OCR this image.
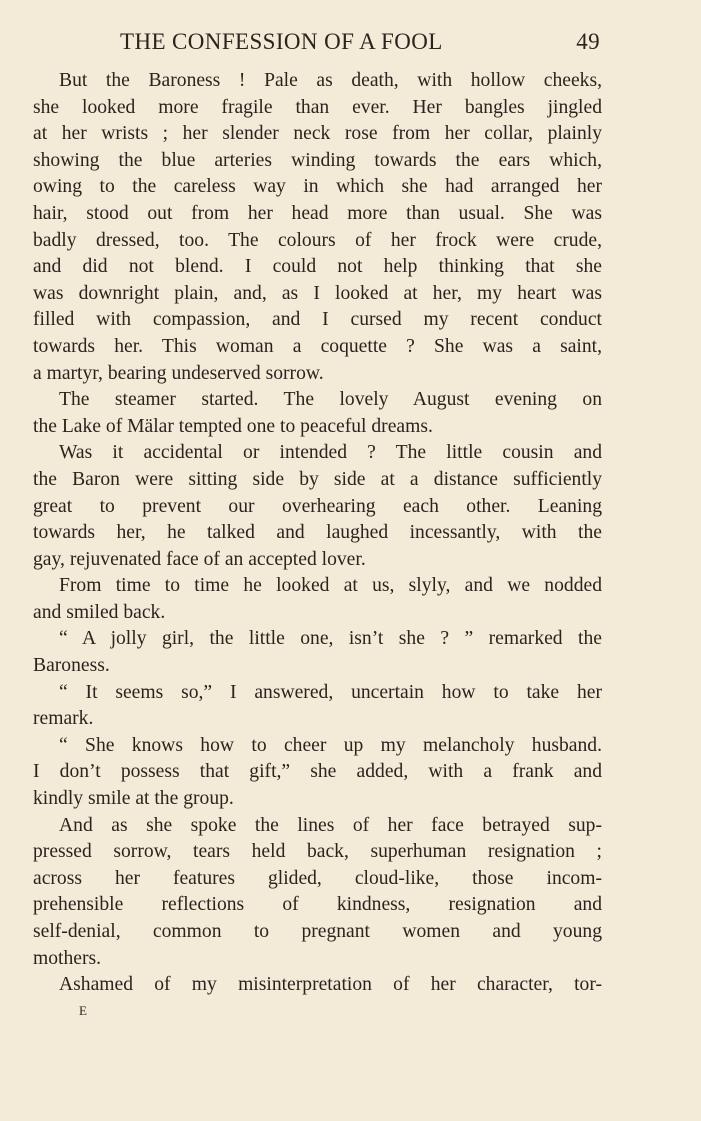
THE CONFESSION OF A FOOL	49
But the Baroness ! Pale as death, with hollow cheeks,
she looked more fragile than ever. Her bangles jingled
at her wrists ; her slender neck rose from her collar, plainly
showing the blue arteries winding towards the ears which,
owing to the careless way in which she had arranged her
hair, stood out from her head more than usual. She was
badly dressed, too. The colours of her frock were crude,
and did not blend. I could not help thinking that she
was downright plain, and, as I looked at her, my heart was
filled with compassion, and I cursed my recent conduct
towards her. This woman a coquette ? She was a saint,
a martyr, bearing undeserved sorrow.
The steamer started. The lovely August evening on
the Lake of Mälar tempted one to peaceful dreams.
Was it accidental or intended ? The little cousin and
the Baron were sitting side by side at a distance sufficiently
great to prevent our overhearing each other. Leaning
towards her, he talked and laughed incessantly, with the
gay, rejuvenated face of an accepted lover.
From time to time he looked at us, slyly, and we nodded
and smiled back.
“ A jolly girl, the little one, isn’t she ? ” remarked the
Baroness.
“ It seems so,” I answered, uncertain how to take her
remark.
“ She knows how to cheer up my melancholy husband.
I don’t possess that gift,” she added, with a frank and
kindly smile at the group.
And as she spoke the lines of her face betrayed sup-
pressed sorrow, tears held back, superhuman resignation ;
across her features glided, cloud-like, those incom-
prehensible reflections of kindness, resignation and
self-denial, common to pregnant women and young
mothers.
Ashamed of my misinterpretation of her character, tor-
E
